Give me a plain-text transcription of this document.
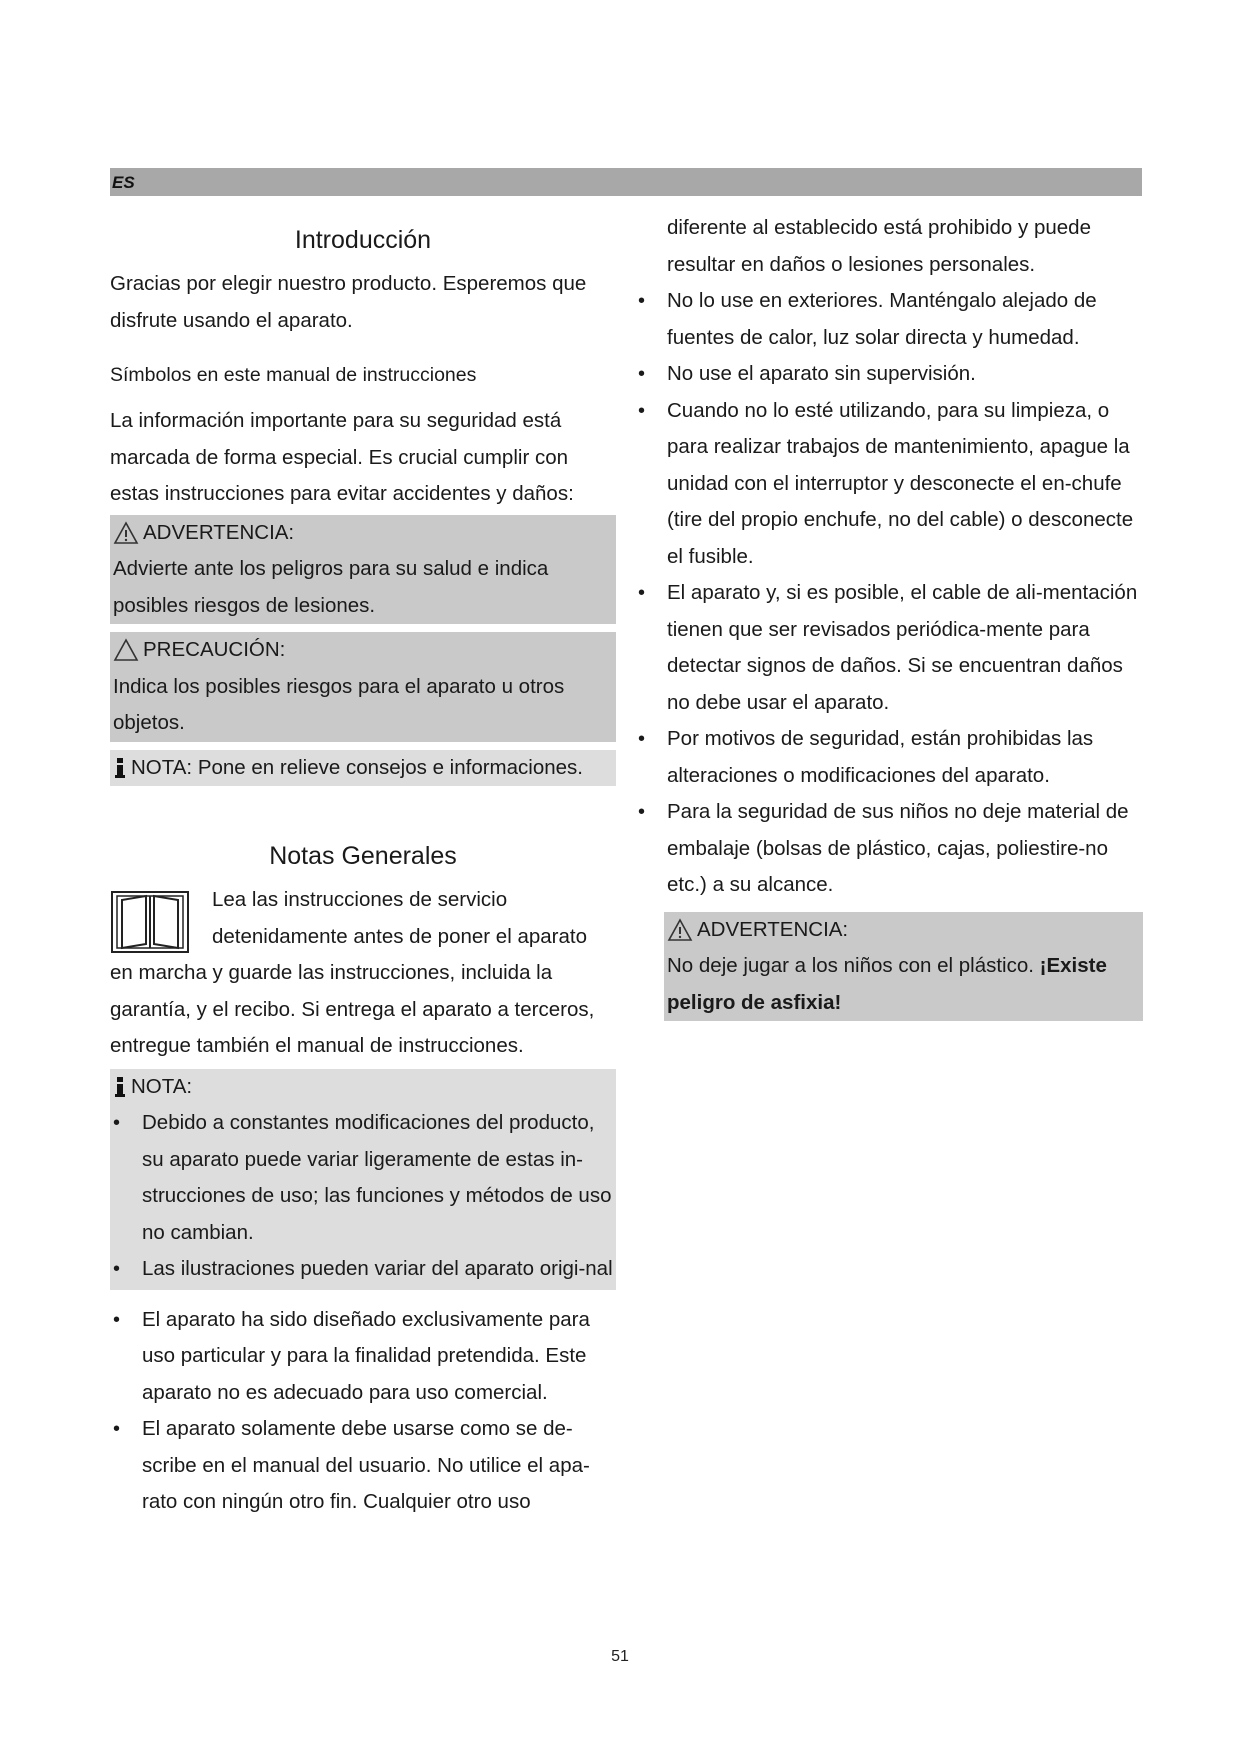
ES
Introducción

Gracias por elegir nuestro producto. Esperemos que

disfrute usando el aparato.

Símbolos en este manual de instrucciones

La información importante para su seguridad está

marcada de forma especial. Es crucial cumplir con

estas instrucciones para evitar accidentes y daños:

ADVERTENCIA:
Advierte ante los peligros para su salud e indica
posibles riesgos de lesiones.
PRECAUCIÓN:
Indica los posibles riesgos para el aparato u otros
objetos.
NOTA: Pone en relieve consejos e informaciones.
Notas Generales

Lea las instrucciones de servicio

detenidamente antes de poner el aparato

en marcha y guarde las instrucciones, incluida la

garantía, y el recibo. Si entrega el aparato a terceros,

entregue también el manual de instrucciones.

NOTA:
• Debido a constantes modificaciones del producto, su aparato puede variar ligeramente de estas in-strucciones de uso; las funciones y métodos de uso no cambian.
• Las ilustraciones pueden variar del aparato origi-nal
• El aparato ha sido diseñado exclusivamente para uso particular y para la finalidad pretendida. Este aparato no es adecuado para uso comercial.
• El aparato solamente debe usarse como se de-scribe en el manual del usuario. No utilice el apa-rato con ningún otro fin. Cualquier otro uso

diferente al establecido está prohibido y puede

resultar en daños o lesiones personales.

• No lo use en exteriores. Manténgalo alejado de fuentes de calor, luz solar directa y humedad.
• No use el aparato sin supervisión.
• Cuando no lo esté utilizando, para su limpieza, o para realizar trabajos de mantenimiento, apague la unidad con el interruptor y desconecte el en-chufe (tire del propio enchufe, no del cable) o desconecte el fusible.
• El aparato y, si es posible, el cable de ali-mentación tienen que ser revisados periódica-mente para detectar signos de daños. Si se encuentran daños no debe usar el aparato.
• Por motivos de seguridad, están prohibidas las alteraciones o modificaciones del aparato.
• Para la seguridad de sus niños no deje material de embalaje (bolsas de plástico, cajas, poliestire-no etc.) a su alcance.
ADVERTENCIA:
No deje jugar a los niños con el plástico. ¡Existe peligro de asfixia!
51
